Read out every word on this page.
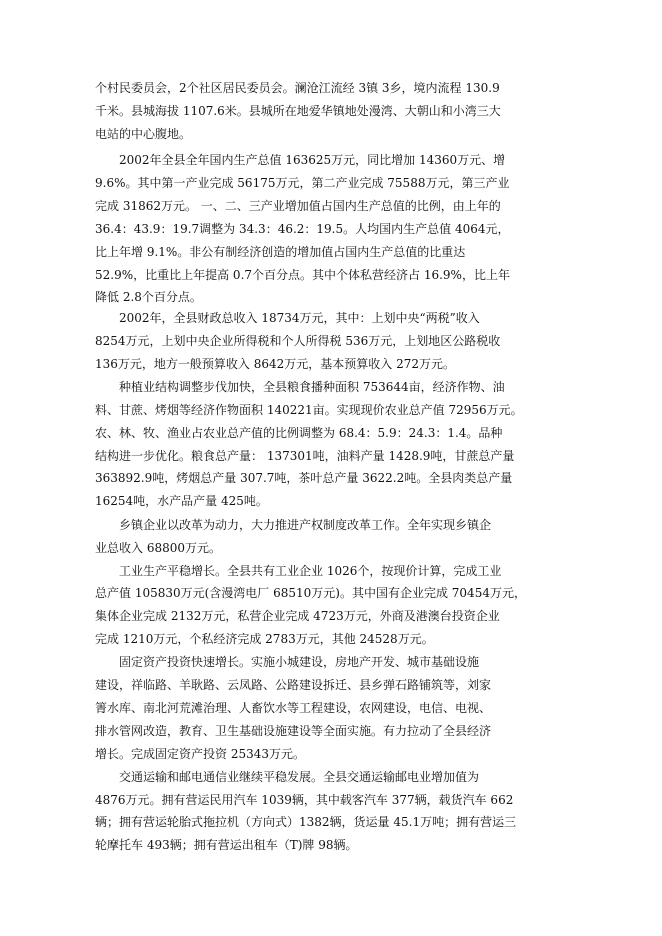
个村民委员会，2个社区居民委员会。澜沧江流经 3镇 3乡，境内流程 130.9
千米。县城海拔 1107.6米。县城所在地爱华镇地处漫湾、大朝山和小湾三大
电站的中心腹地。
2002年全县全年国内生产总值 163625万元，同比增加 14360万元、增
9.6%。其中第一产业完成 56175万元，第二产业完成 75588万元，第三产业
完成 31862万元。 一、二、三产业增加值占国内生产总值的比例，由上年的
36.4：43.9：19.7调整为 34.3：46.2：19.5。人均国内生产总值 4064元，
比上年增 9.1%。非公有制经济创造的增加值占国内生产总值的比重达
52.9%，比重比上年提高 0.7个百分点。其中个体私营经济占 16.9%，比上年
降低 2.8个百分点。
2002年，全县财政总收入 18734万元，其中：上划中央“两税”收入
8254万元，上划中央企业所得税和个人所得税 536万元，上划地区公路税收
136万元，地方一般预算收入 8642万元，基本预算收入 272万元。
种植业结构调整步伐加快，全县粮食播种面积 753644亩，经济作物、油
料、甘蔗、烤烟等经济作物面积 140221亩。实现现价农业总产值 72956万元。
农、林、牧、渔业占农业总产值的比例调整为 68.4：5.9：24.3：1.4。品种
结构进一步优化。粮食总产量： 137301吨，油料产量 1428.9吨，甘蔗总产量
363892.9吨，烤烟总产量 307.7吨，茶叶总产量 3622.2吨。全县肉类总产量
16254吨，水产品产量 425吨。
乡镇企业以改革为动力，大力推进产权制度改革工作。全年实现乡镇企
业总收入 68800万元。
工业生产平稳增长。全县共有工业企业 1026个，按现价计算，完成工业
总产值 105830万元(含漫湾电厂 68510万元)。其中国有企业完成 70454万元，
集体企业完成 2132万元，私营企业完成 4723万元，外商及港澳台投资企业
完成 1210万元，个私经济完成 2783万元，其他 24528万元。
固定资产投资快速增长。实施小城建设，房地产开发、城市基础设施
建设，祥临路、羊耿路、云凤路、公路建设拆迁、县乡弹石路铺筑等，刘家
箐水库、南北河荒滩治理、人畜饮水等工程建设，农网建设，电信、电视、
排水管网改造，教育、卫生基础设施建设等全面实施。有力拉动了全县经济
增长。完成固定资产投资 25343万元。
交通运输和邮电通信业继续平稳发展。全县交通运输邮电业增加值为
4876万元。拥有营运民用汽车 1039辆，其中载客汽车 377辆，载货汽车 662
辆；拥有营运轮胎式拖拉机（方向式）1382辆，货运量 45.1万吨；拥有营运三
轮摩托车 493辆；拥有营运出租车（T)牌 98辆。
